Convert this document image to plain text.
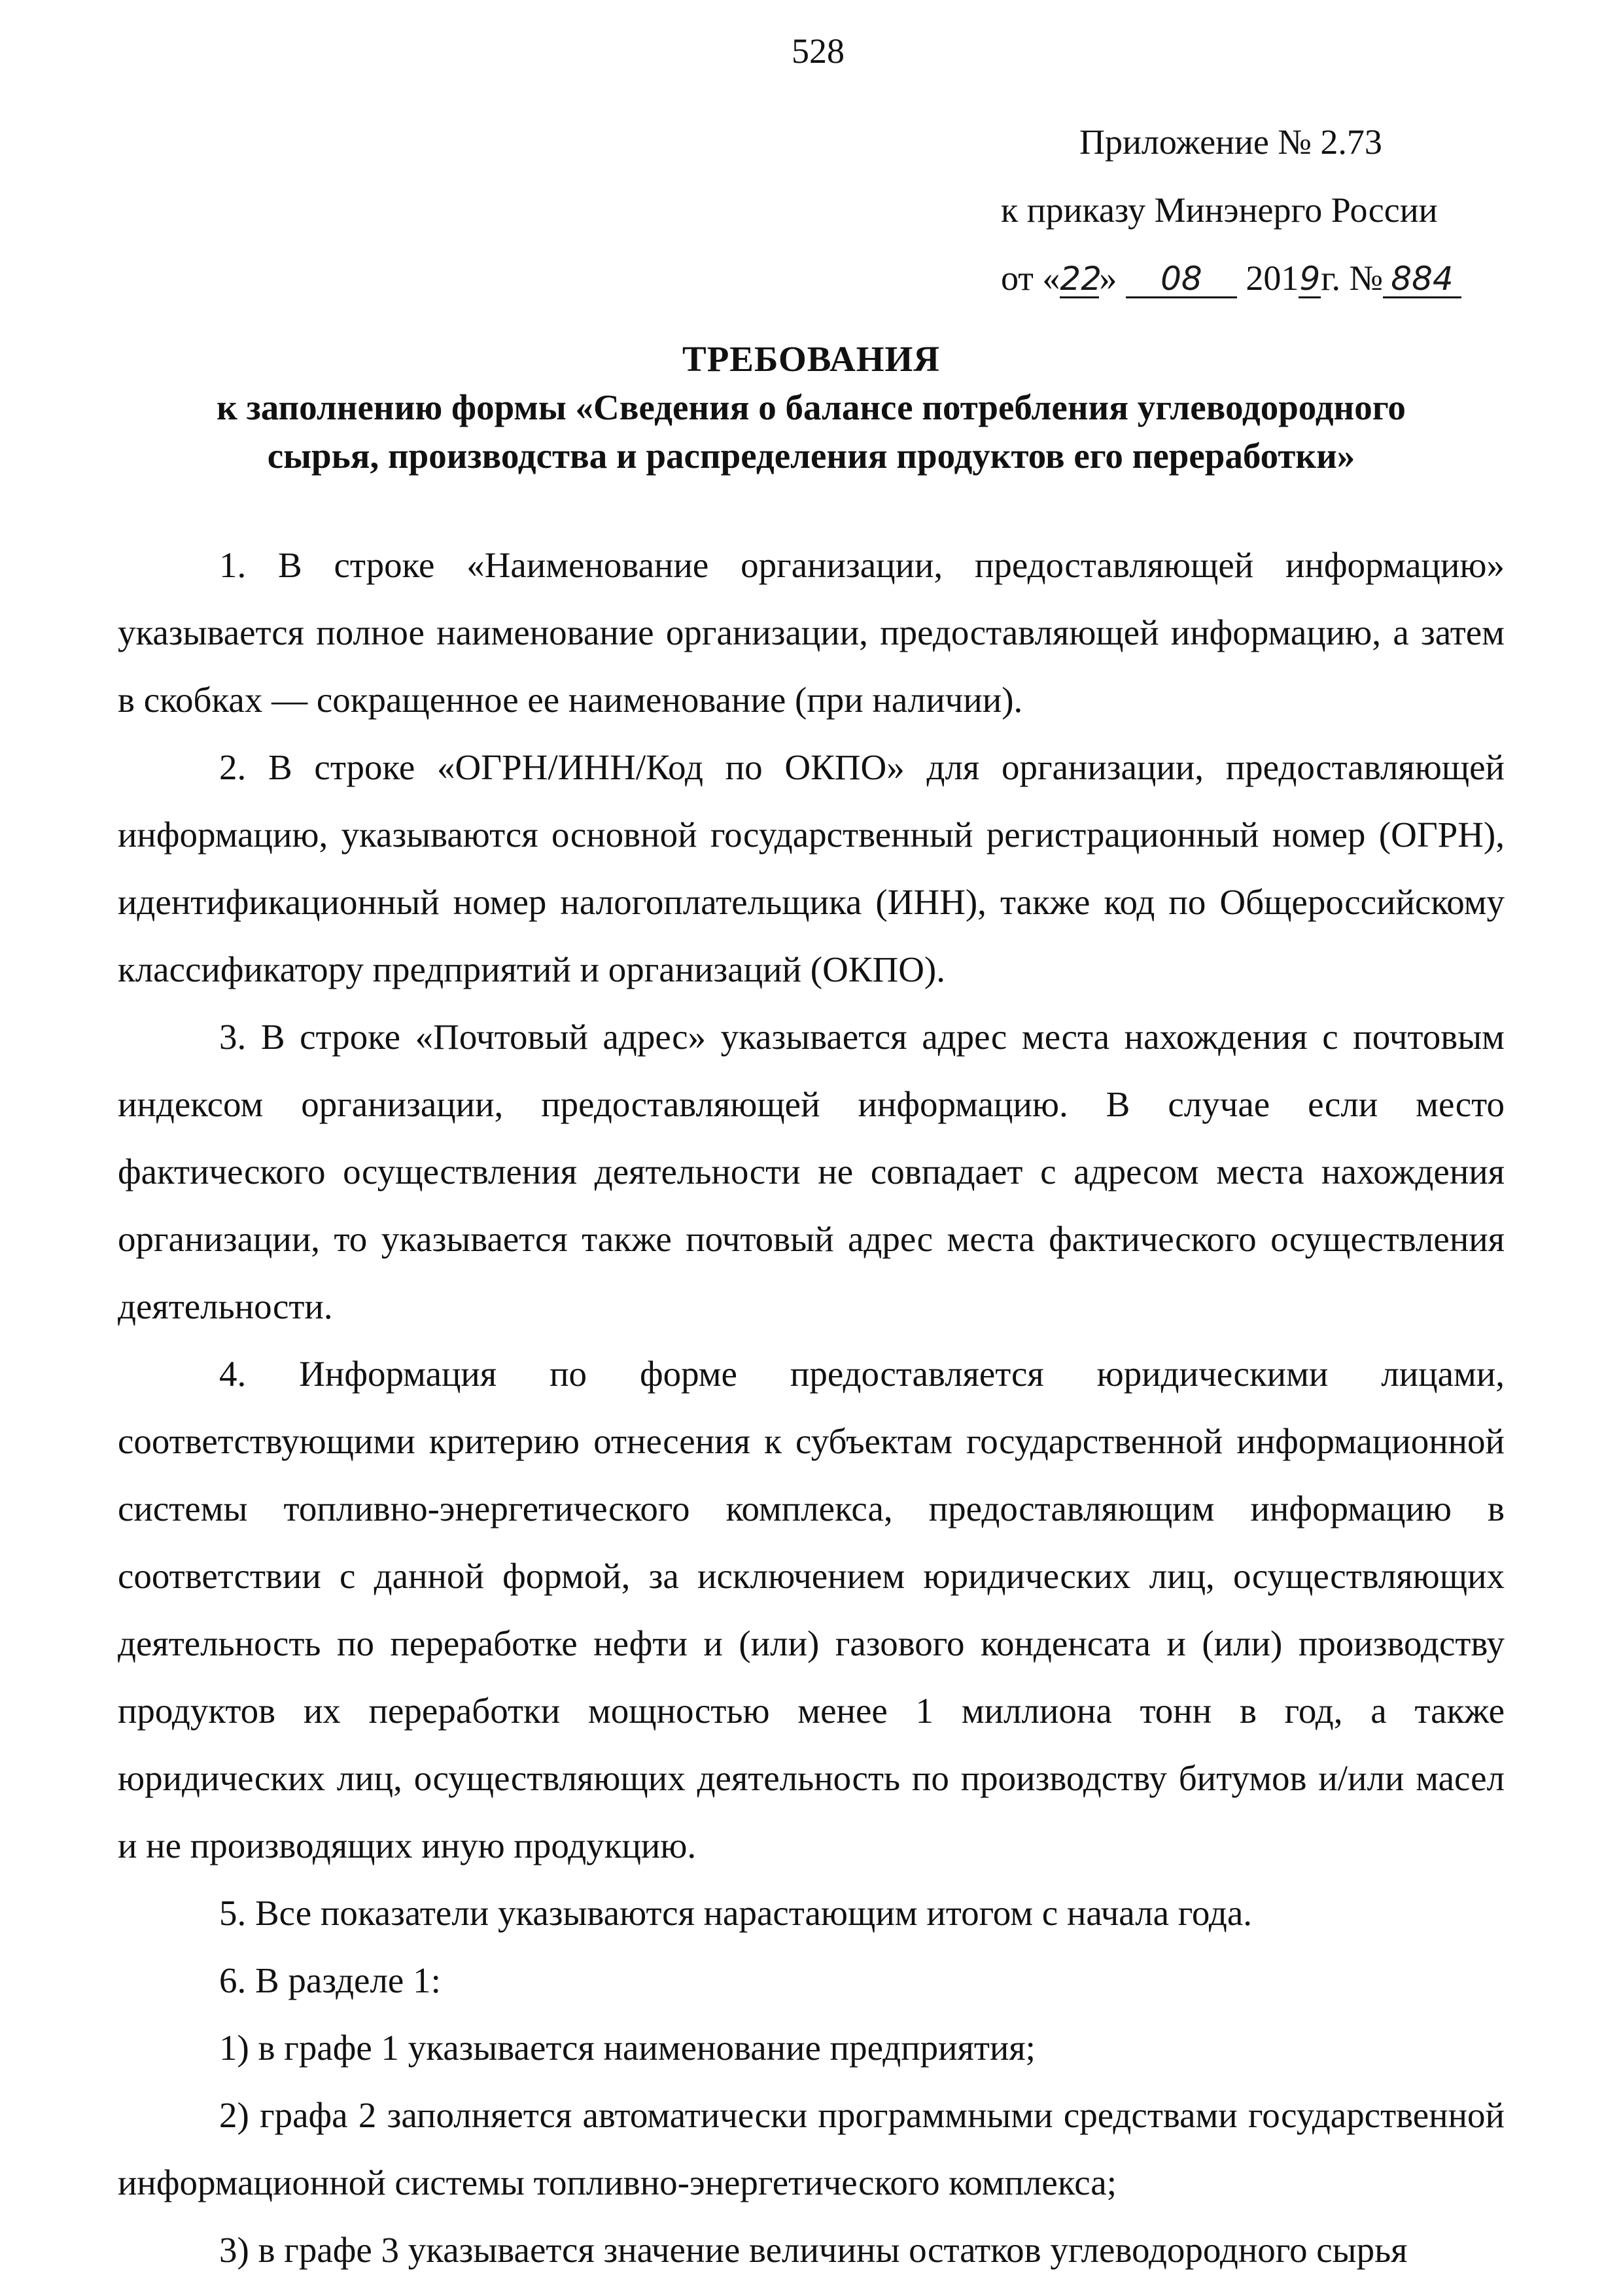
528
Приложение № 2.73
к приказу Минэнерго России
от «22» 08 2019г. № 884
ТРЕБОВАНИЯ
к заполнению формы «Сведения о балансе потребления углеводородного
сырья, производства и распределения продуктов его переработки»

1. В строке «Наименование организации, предоставляющей информацию» указывается полное наименование организации, предоставляющей информацию, а затем в скобках — сокращенное ее наименование (при наличии).

2. В строке «ОГРН/ИНН/Код по ОКПО» для организации, предоставляющей информацию, указываются основной государственный регистрационный номер (ОГРН), идентификационный номер налогоплательщика (ИНН), также код по Общероссийскому классификатору предприятий и организаций (ОКПО).

3. В строке «Почтовый адрес» указывается адрес места нахождения с почтовым индексом организации, предоставляющей информацию. В случае если место фактического осуществления деятельности не совпадает с адресом места нахождения организации, то указывается также почтовый адрес места фактического осуществления деятельности.

4. Информация по форме предоставляется юридическими лицами, соответствующими критерию отнесения к субъектам государственной информационной системы топливно-энергетического комплекса, предоставляющим информацию в соответствии с данной формой, за исключением юридических лиц, осуществляющих деятельность по переработке нефти и (или) газового конденсата и (или) производству продуктов их переработки мощностью менее 1 миллиона тонн в год, а также юридических лиц, осуществляющих деятельность по производству битумов и/или масел и не производящих иную продукцию.

5. Все показатели указываются нарастающим итогом с начала года.

6. В разделе 1:

1) в графе 1 указывается наименование предприятия;

2) графа 2 заполняется автоматически программными средствами государственной информационной системы топливно-энергетического комплекса;

3) в графе 3 указывается значение величины остатков углеводородного сырья
